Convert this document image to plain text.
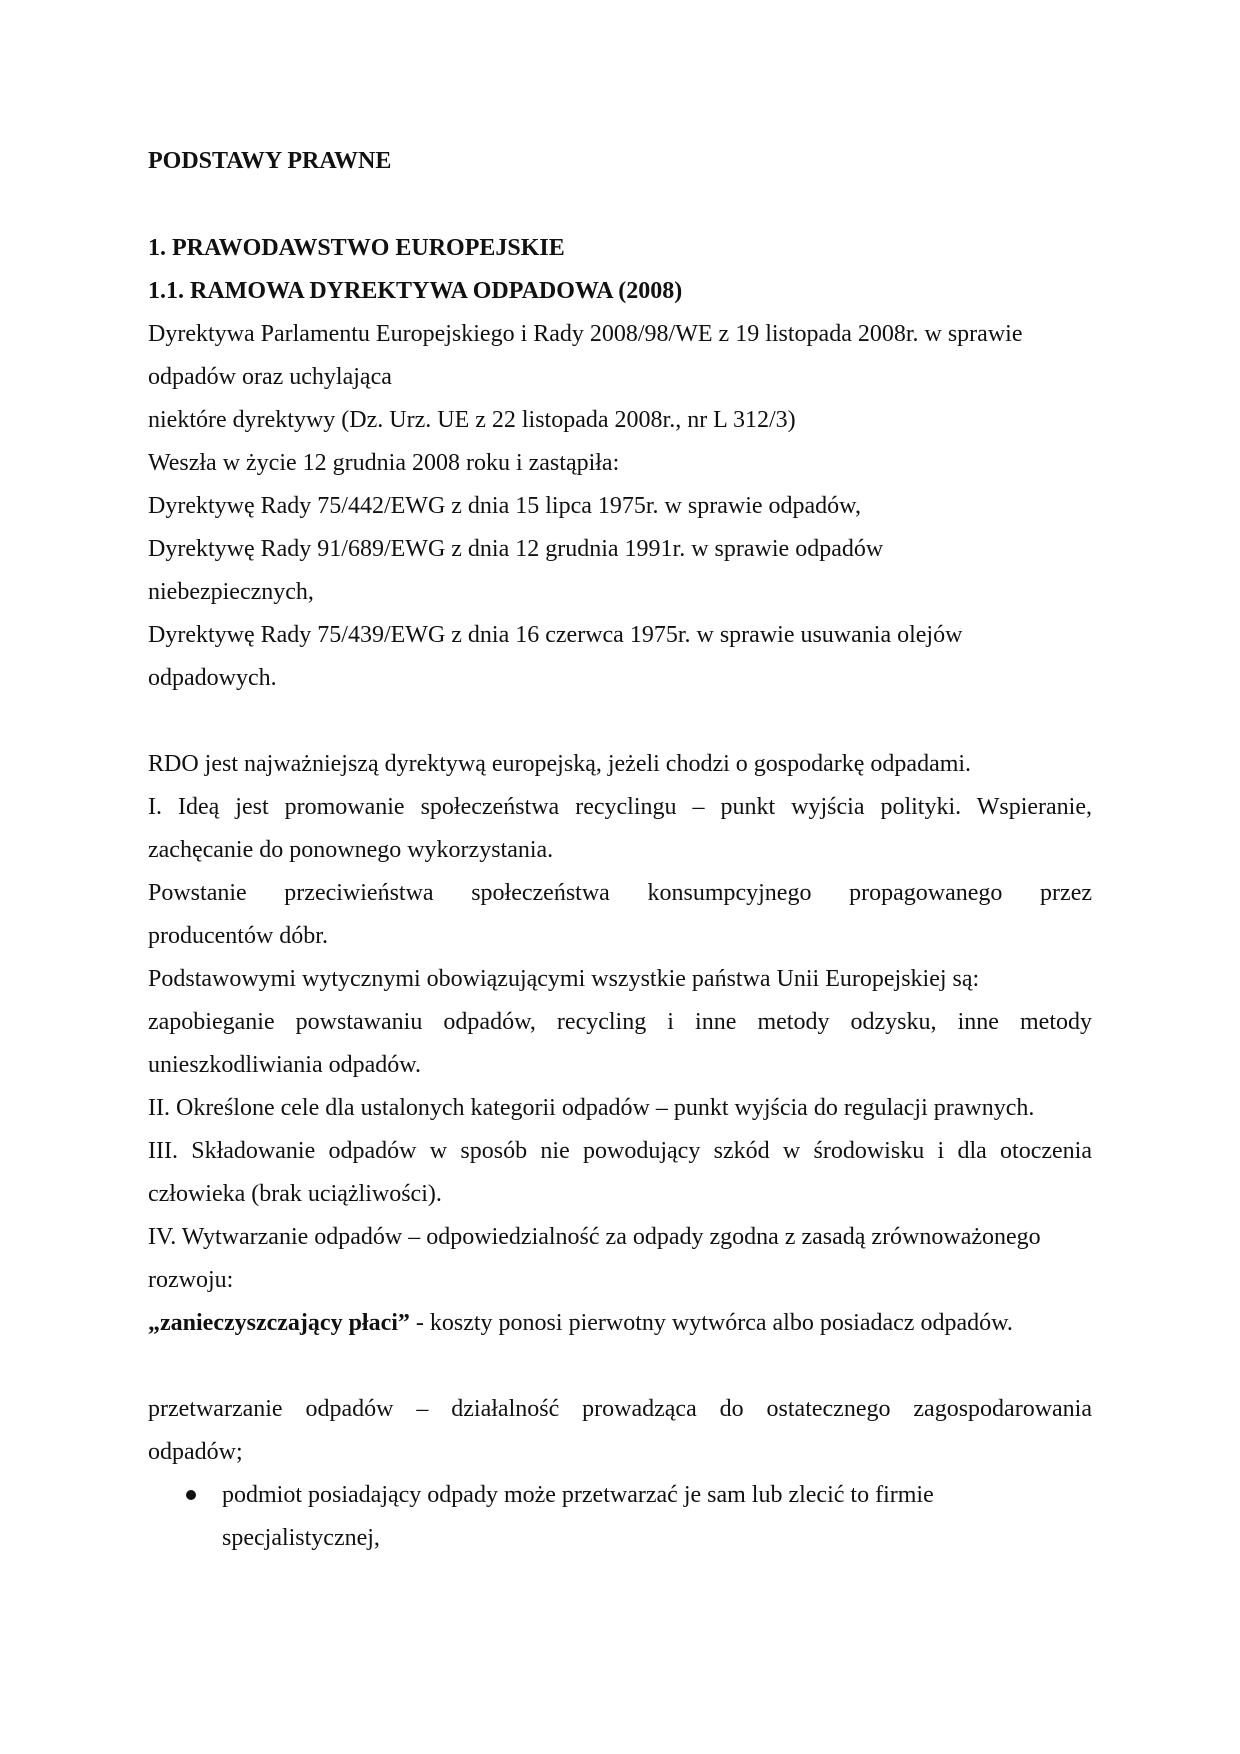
PODSTAWY PRAWNE
1. PRAWODAWSTWO EUROPEJSKIE
1.1. RAMOWA DYREKTYWA ODPADOWA (2008)
Dyrektywa Parlamentu Europejskiego i Rady 2008/98/WE z 19 listopada 2008r. w sprawie
odpadów oraz uchylająca
niektóre dyrektywy (Dz. Urz. UE z 22 listopada 2008r., nr L 312/3)
Weszła w życie 12 grudnia 2008 roku i zastąpiła:
Dyrektywę Rady 75/442/EWG z dnia 15 lipca 1975r. w sprawie odpadów,
Dyrektywę Rady 91/689/EWG z dnia 12 grudnia 1991r. w sprawie odpadów
niebezpiecznych,
Dyrektywę Rady 75/439/EWG z dnia 16 czerwca 1975r. w sprawie usuwania olejów
odpadowych.
RDO jest najważniejszą dyrektywą europejską, jeżeli chodzi o gospodarkę odpadami.
I. Ideą jest promowanie społeczeństwa recyclingu – punkt wyjścia polityki. Wspieranie,
zachęcanie do ponownego wykorzystania.
Powstanie przeciwieństwa społeczeństwa konsumpcyjnego propagowanego przez
producentów dóbr.
Podstawowymi wytycznymi obowiązującymi wszystkie państwa Unii Europejskiej są:
zapobieganie powstawaniu odpadów, recycling i inne metody odzysku, inne metody
unieszkodliwiania odpadów.
II. Określone cele dla ustalonych kategorii odpadów – punkt wyjścia do regulacji prawnych.
III. Składowanie odpadów w sposób nie powodujący szkód w środowisku i dla otoczenia
człowieka (brak uciążliwości).
IV. Wytwarzanie odpadów – odpowiedzialność za odpady zgodna z zasadą zrównoważonego
rozwoju:
„zanieczyszczający płaci” - koszty ponosi pierwotny wytwórca albo posiadacz odpadów.
przetwarzanie odpadów – działalność prowadząca do ostatecznego zagospodarowania
odpadów;
podmiot posiadający odpady może przetwarzać je sam lub zlecić to firmie
specjalistycznej,
